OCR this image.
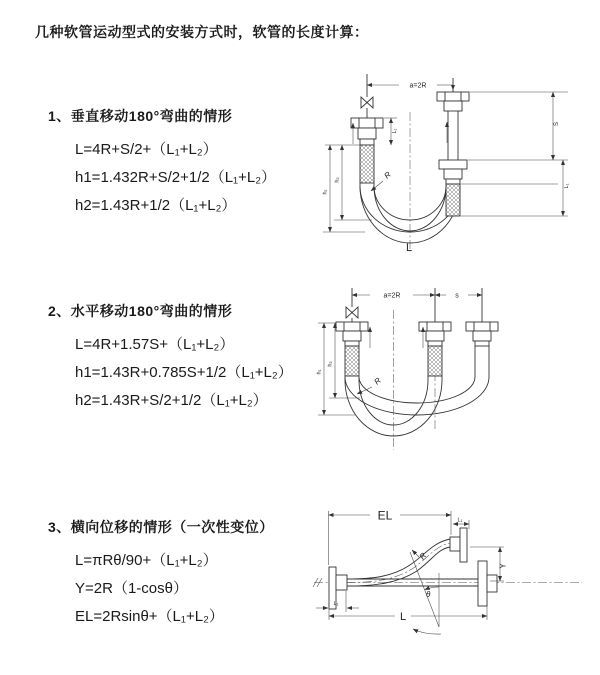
几种软管运动型式的安装方式时，软管的长度计算：
1、垂直移动180°弯曲的情形
L=4R+S/2+（L₁+L₂）
h1=1.432R+S/2+1/2（L₁+L₂）
h2=1.43R+1/2（L₁+L₂）
2、水平移动180°弯曲的情形
L=4R+1.57S+（L₁+L₂）
h1=1.43R+0.785S+1/2（L₁+L₂）
h2=1.43R+S/2+1/2（L₁+L₂）
3、横向位移的情形（一次性变位）
L=πRθ/90+（L₁+L₂）
Y=2R（1-cosθ）
EL=2Rsinθ+（L₁+L₂）
a=2R
L₁
h₂
h₁
S
L₁
R
L
a=2R	s
h₁
h₂
R
EL	L₁
Y
L
L₁
θ
R
